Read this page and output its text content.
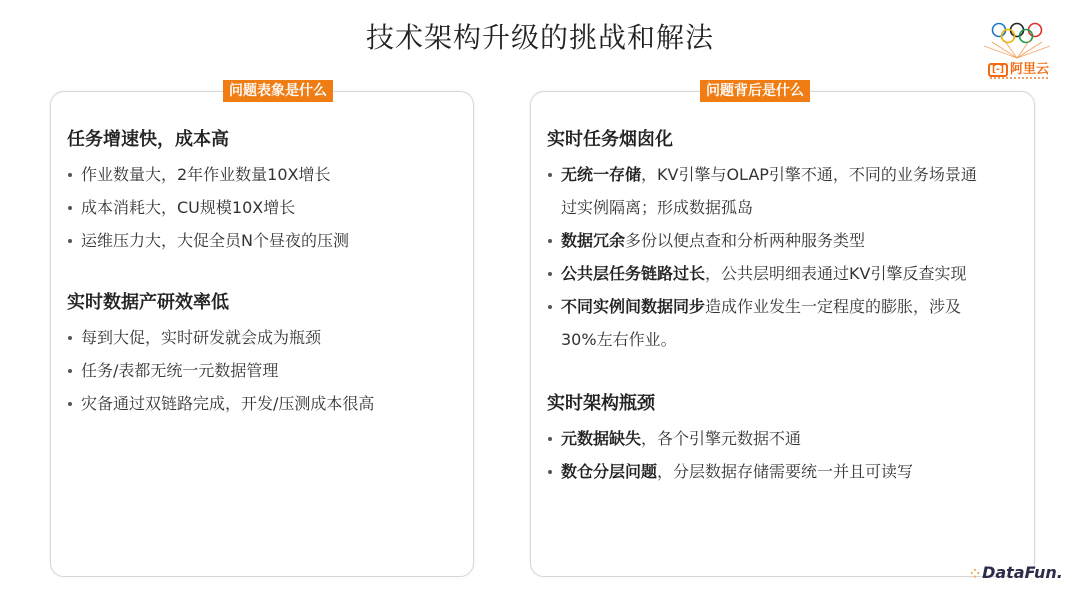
技术架构升级的挑战和解法
[-] 阿里云
任务增速快，成本高
作业数量大，2年作业数量10X增长
成本消耗大，CU规模10X增长
运维压力大，大促全员N个昼夜的压测
实时数据产研效率低
每到大促，实时研发就会成为瓶颈
任务/表都无统一元数据管理
灾备通过双链路完成，开发/压测成本很高
问题表象是什么
实时任务烟囱化
无统一存储，KV引擎与OLAP引擎不通，不同的业务场景通
过实例隔离；形成数据孤岛
数据冗余多份以便点查和分析两种服务类型
公共层任务链路过长，公共层明细表通过KV引擎反查实现
不同实例间数据同步造成作业发生一定程度的膨胀，涉及
30%左右作业。
实时架构瓶颈
元数据缺失，各个引擎元数据不通
数仓分层问题，分层数据存储需要统一并且可读写
问题背后是什么
⁘ DataFun.
